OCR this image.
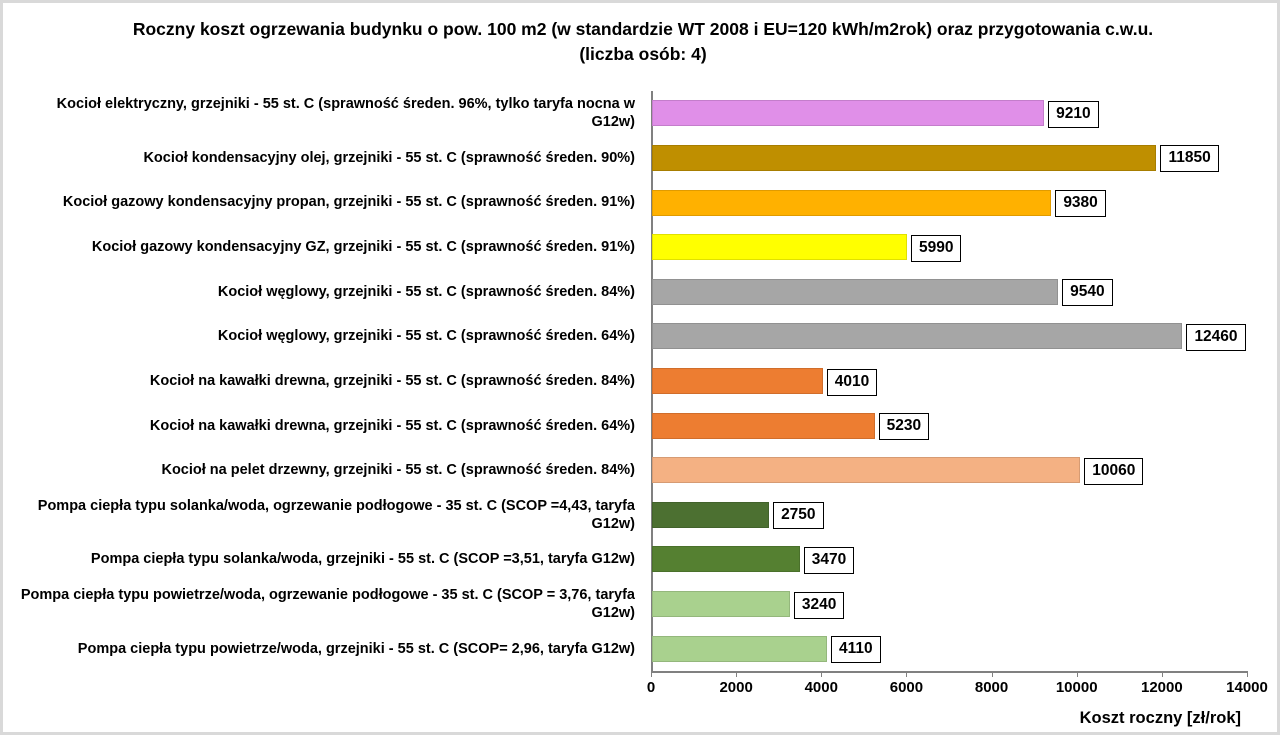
Roczny koszt ogrzewania budynku o pow. 100 m2 (w standardzie WT 2008 i EU=120 kWh/m2rok) oraz przygotowania c.w.u. (liczba osób: 4)
Kocioł elektryczny, grzejniki - 55 st. C (sprawność średen. 96%, tylko taryfa nocna w G12w)
Kocioł kondensacyjny olej, grzejniki - 55 st. C (sprawność średen. 90%)
Kocioł gazowy kondensacyjny propan, grzejniki - 55 st. C (sprawność średen. 91%)
Kocioł gazowy kondensacyjny GZ, grzejniki - 55 st. C (sprawność średen. 91%)
Kocioł węglowy, grzejniki - 55 st. C (sprawność średen. 84%)
Kocioł węglowy, grzejniki - 55 st. C (sprawność średen. 64%)
Kocioł na kawałki drewna, grzejniki - 55 st. C (sprawność średen. 84%)
Kocioł na kawałki drewna, grzejniki - 55 st. C (sprawność średen. 64%)
Kocioł na pelet drzewny, grzejniki - 55 st. C (sprawność średen. 84%)
Pompa ciepła typu solanka/woda, ogrzewanie podłogowe - 35 st. C (SCOP =4,43, taryfa G12w)
Pompa ciepła typu solanka/woda, grzejniki - 55 st. C (SCOP =3,51, taryfa G12w)
Pompa ciepła typu powietrze/woda, ogrzewanie podłogowe - 35 st. C (SCOP = 3,76, taryfa G12w)
Pompa ciepła typu powietrze/woda, grzejniki - 55 st. C (SCOP= 2,96, taryfa G12w)
0	2000	4000	6000	8000	10000	12000	14000
9210
11850
9380
5990
9540
12460
4010
5230
10060
2750
3470
3240
4110
Koszt roczny [zł/rok]
